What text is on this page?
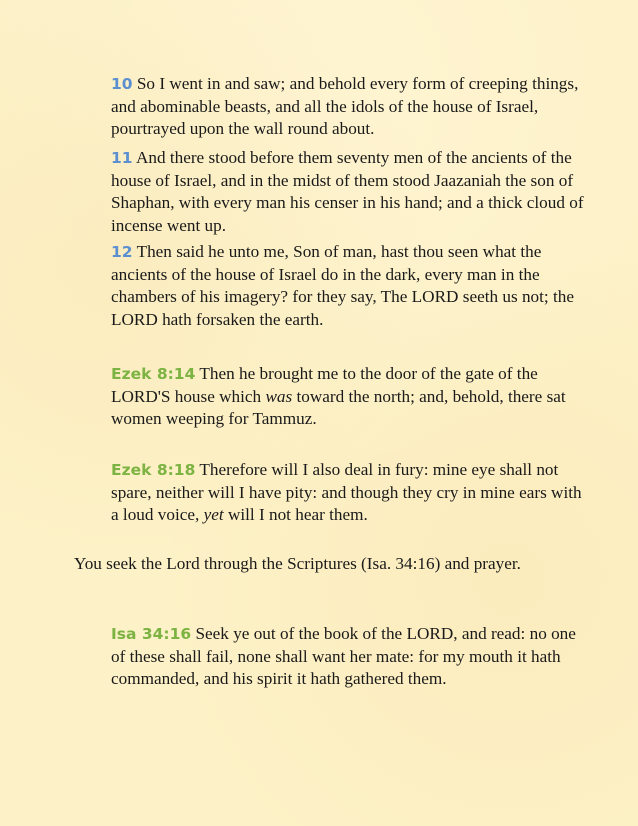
10 So I went in and saw; and behold every form of creeping things, and abominable beasts, and all the idols of the house of Israel, pourtrayed upon the wall round about.

11 And there stood before them seventy men of the ancients of the house of Israel, and in the midst of them stood Jaazaniah the son of Shaphan, with every man his censer in his hand; and a thick cloud of incense went up.

12 Then said he unto me, Son of man, hast thou seen what the ancients of the house of Israel do in the dark, every man in the chambers of his imagery? for they say, The LORD seeth us not; the LORD hath forsaken the earth.

Ezek 8:14 Then he brought me to the door of the gate of the LORD'S house which was toward the north; and, behold, there sat women weeping for Tammuz.

Ezek 8:18 Therefore will I also deal in fury: mine eye shall not spare, neither will I have pity: and though they cry in mine ears with a loud voice, yet will I not hear them.

You seek the Lord through the Scriptures (Isa. 34:16) and prayer.

Isa 34:16 Seek ye out of the book of the LORD, and read: no one of these shall fail, none shall want her mate: for my mouth it hath commanded, and his spirit it hath gathered them.
